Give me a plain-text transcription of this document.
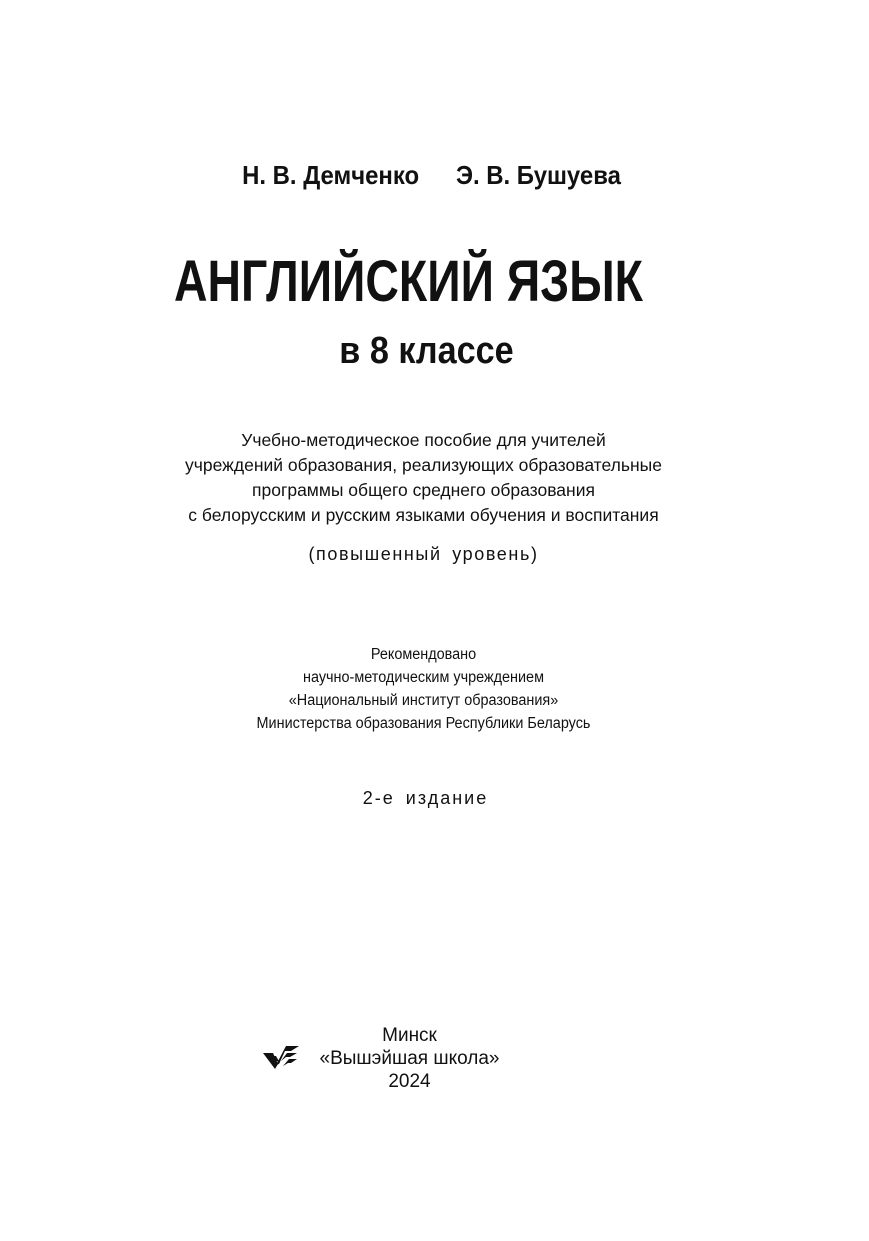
Н. В. Демченко Э. В. Бушуева
АНГЛИЙСКИЙ ЯЗЫК
в 8 классе
Учебно-методическое пособие для учителей
учреждений образования, реализующих образовательные
программы общего среднего образования
с белорусским и русским языками обучения и воспитания
(повышенный уровень)
Рекомендовано
научно-методическим учреждением
«Национальный институт образования»
Министерства образования Республики Беларусь
2-е издание
Минск
«Вышэйшая школа»
2024
